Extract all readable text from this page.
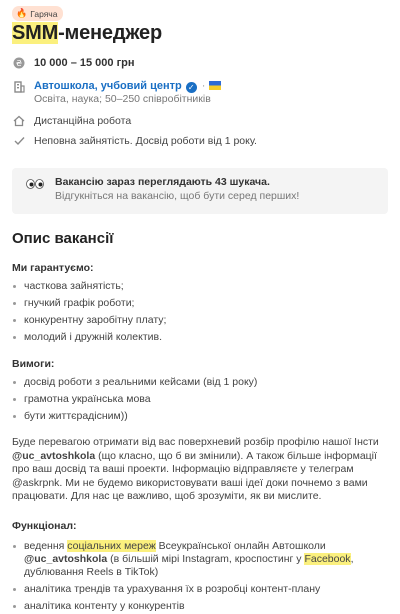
🔥 Гаряча
SMM-менеджер
₴ 10 000 – 15 000 грн
Автошкола, учбовий центр ✓ ·
Освіта, наука; 50–250 співробітників
Дистанційна робота
Неповна зайнятість. Досвід роботи від 1 року.
Вакансію зараз переглядають 43 шукача.
Відгукніться на вакансію, щоб бути серед перших!
Опис вакансії
Ми гарантуємо:
часткова зайнятість;
гнучкий графік роботи;
конкурентну заробітну плату;
молодий і дружній колектив.
Вимоги:
досвід роботи з реальними кейсами (від 1 року)
грамотна українська мова
бути життєрадісним))
Буде перевагою отримати від вас поверхневий розбір профілю нашої Інсти @uc_avtoshkola (що класно, що б ви змінили). А також більше інформації про ваш досвід та ваші проекти. Інформацію відправляєте у телеграм @askrpnk. Ми не будемо використовувати ваші ідеї доки почнемо з вами працювати. Для нас це важливо, щоб зрозуміти, як ви мислите.
Функціонал:
ведення соціальних мереж Всеукраїнської онлайн Автошколи @uc_avtoshkola (в більшій мірі Instagram, кроспостинг у Facebook, дублювання Reels в TikTok)
аналітика трендів та урахування їх в розробці контент-плану
аналітика контенту у конкурентів
